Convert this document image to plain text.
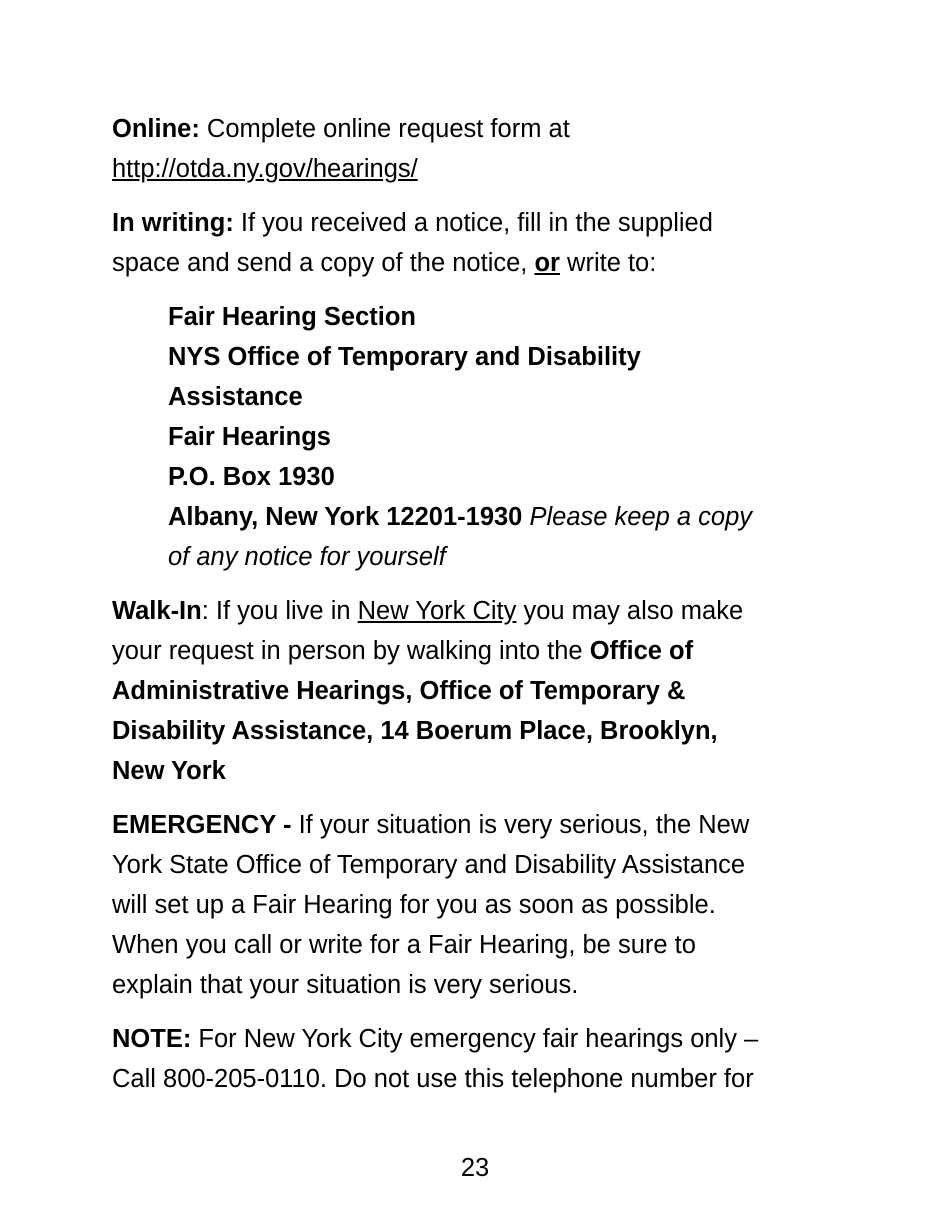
Online: Complete online request form at
http://otda.ny.gov/hearings/
In writing: If you received a notice, fill in the supplied
space and send a copy of the notice, or write to:
Fair Hearing Section
NYS Office of Temporary and Disability
Assistance
Fair Hearings
P.O. Box 1930
Albany, New York 12201-1930 Please keep a copy
of any notice for yourself
Walk-In: If you live in New York City you may also make
your request in person by walking into the Office of
Administrative Hearings, Office of Temporary &
Disability Assistance, 14 Boerum Place, Brooklyn,
New York
EMERGENCY - If your situation is very serious, the New
York State Office of Temporary and Disability Assistance
will set up a Fair Hearing for you as soon as possible.
When you call or write for a Fair Hearing, be sure to
explain that your situation is very serious.
NOTE: For New York City emergency fair hearings only –
Call 800-205-0110. Do not use this telephone number for
23
